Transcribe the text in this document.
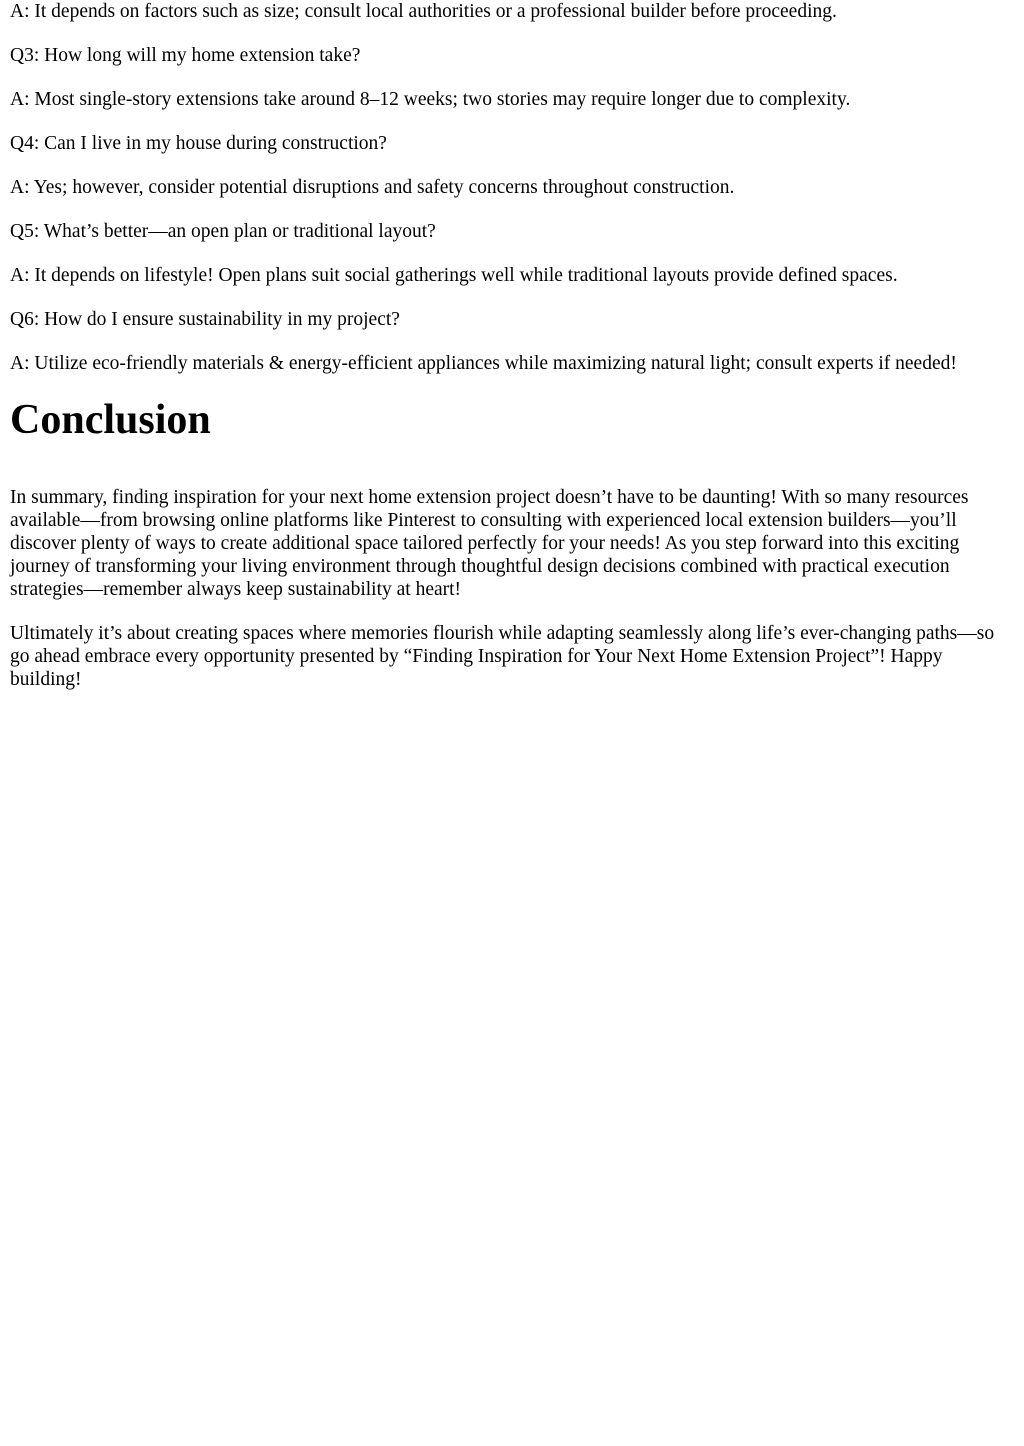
A: It depends on factors such as size; consult local authorities or a professional builder before proceeding.

Q3: How long will my home extension take?

A: Most single-story extensions take around 8–12 weeks; two stories may require longer due to complexity.

Q4: Can I live in my house during construction?

A: Yes; however, consider potential disruptions and safety concerns throughout construction.

Q5: What’s better—an open plan or traditional layout?

A: It depends on lifestyle! Open plans suit social gatherings well while traditional layouts provide defined spaces.

Q6: How do I ensure sustainability in my project?

A: Utilize eco-friendly materials & energy-efficient appliances while maximizing natural light; consult experts if needed!

Conclusion

In summary, finding inspiration for your next home extension project doesn’t have to be daunting! With so many resources available—from browsing online platforms like Pinterest to consulting with experienced local extension builders—you’ll discover plenty of ways to create additional space tailored perfectly for your needs! As you step forward into this exciting journey of transforming your living environment through thoughtful design decisions combined with practical execution strategies—remember always keep sustainability at heart!

Ultimately it’s about creating spaces where memories flourish while adapting seamlessly along life’s ever-changing paths—so go ahead embrace every opportunity presented by “Finding Inspiration for Your Next Home Extension Project”! Happy building!
